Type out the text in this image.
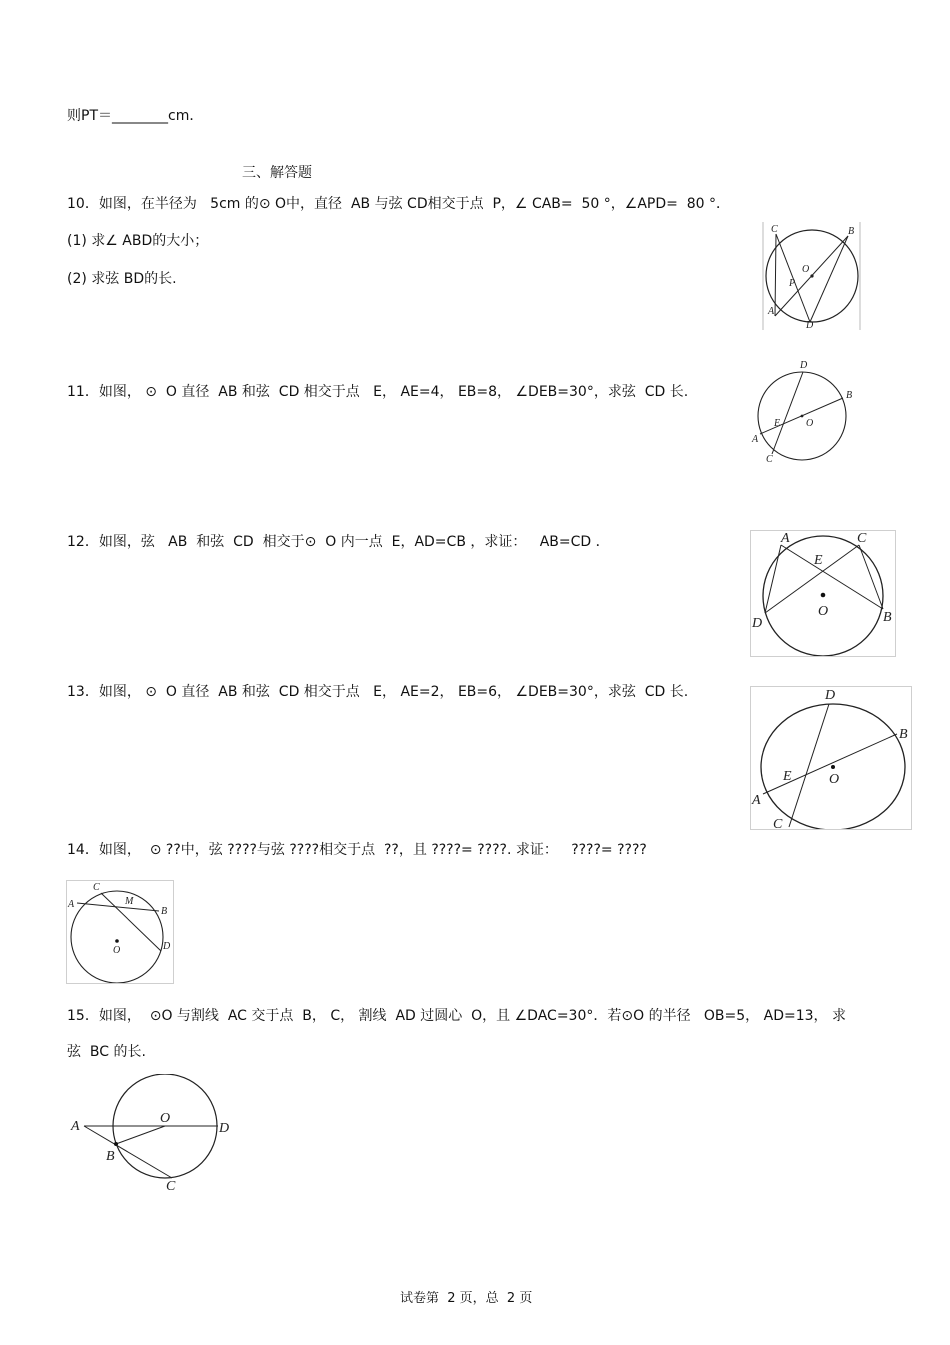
则PT＝________cm．
三、解答题
10．如图，在半径为   5cm 的⊙ O中，直径  AB 与弦 CD相交于点  P，∠ CAB=  50 °，∠APD=  80 °．
(1) 求∠ ABD的大小；
(2) 求弦 BD的长.
C	B
O
P
A
D
11．如图， ⊙  O 直径  AB 和弦  CD 相交于点   E， AE=4， EB=8， ∠DEB=30°，求弦  CD 长.
D
B
E	O
A
C
12．如图，弦   AB  和弦  CD  相交于⊙  O 内一点  E，AD=CB ，求证：   AB=CD ．	A	C
E
O
D	B
13．如图， ⊙  O 直径  AB 和弦  CD 相交于点   E， AE=2， EB=6， ∠DEB=30°，求弦  CD 长.	D
B
E	O
A
C
14．如图，  ⊙ ??中，弦 ????与弦 ????相交于点  ??，且 ????= ????. 求证：   ????= ????
C
A	M
B
O	D
15．如图，  ⊙O 与割线  AC 交于点  B， C， 割线  AD 过圆心  O，且 ∠DAC=30°．若⊙O 的半径   OB=5， AD=13， 求
弦  BC 的长.
A
O
D
B
C
试卷第  2 页，总  2 页
